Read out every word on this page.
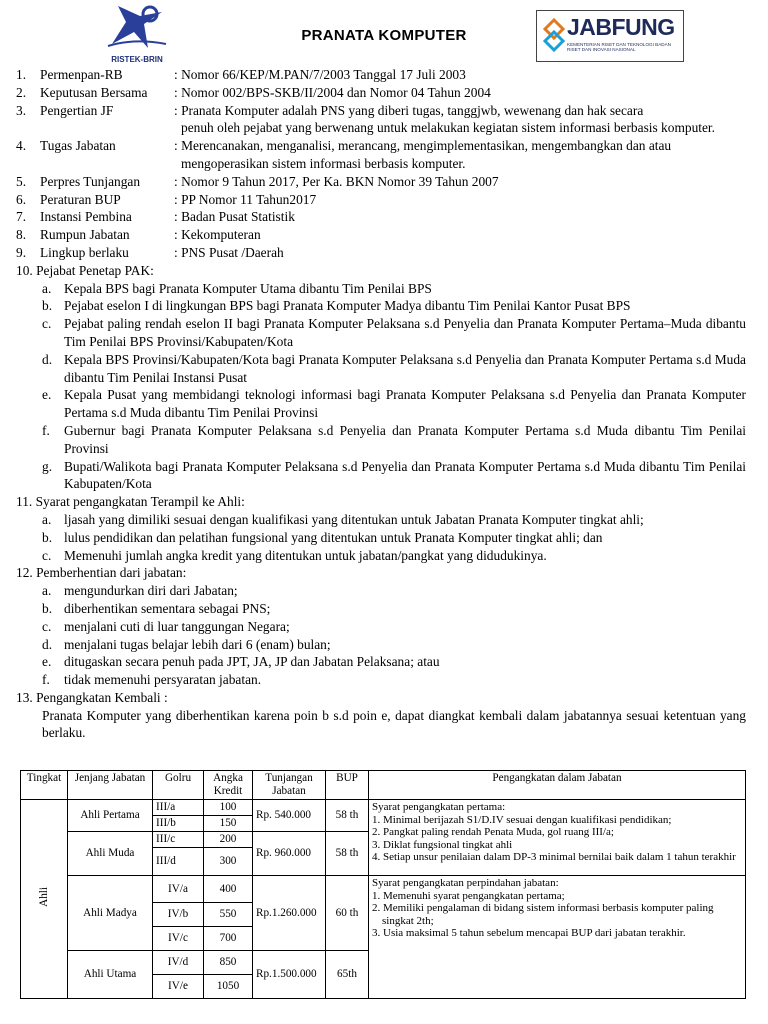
RISTEK-BRIN
PRANATA KOMPUTER	JABFUNG
KEMENTERIAN RISET DAN TEKNOLOGI BADAN RISET DAN INOVASI NASIONAL
1. Permenpan-RB	: Nomor 66/KEP/M.PAN/7/2003 Tanggal 17 Juli 2003
2. Keputusan Bersama : Nomor 002/BPS-SKB/II/2004 dan Nomor 04 Tahun 2004
3. Pengertian JF	: Pranata Komputer adalah PNS yang diberi tugas, tanggjwb, wewenang dan hak secara
penuh oleh pejabat yang berwenang untuk melakukan kegiatan sistem informasi berbasis komputer.
4. Tugas Jabatan	: Merencanakan, menganalisi, merancang, mengimplementasikan, mengembangkan dan atau
mengoperasikan sistem informasi berbasis komputer.
5. Perpres Tunjangan	: Nomor 9 Tahun 2017, Per Ka. BKN Nomor 39 Tahun 2007
6. Peraturan BUP	: PP Nomor 11 Tahun2017
7. Instansi Pembina	: Badan Pusat Statistik
8. Rumpun Jabatan	: Kekomputeran
9. Lingkup berlaku	: PNS Pusat /Daerah
10. Pejabat Penetap PAK:
a. Kepala BPS bagi Pranata Komputer Utama dibantu Tim Penilai BPS
b. Pejabat eselon I di lingkungan BPS bagi Pranata Komputer Madya dibantu Tim Penilai Kantor Pusat BPS
c. Pejabat paling rendah eselon II bagi Pranata Komputer Pelaksana s.d Penyelia dan Pranata Komputer Pertama–Muda dibantu Tim Penilai BPS Provinsi/Kabupaten/Kota
d. Kepala BPS Provinsi/Kabupaten/Kota bagi Pranata Komputer Pelaksana s.d Penyelia dan Pranata Komputer Pertama s.d Muda dibantu Tim Penilai Instansi Pusat
e. Kepala Pusat yang membidangi teknologi informasi bagi Pranata Komputer Pelaksana s.d Penyelia dan Pranata Komputer Pertama s.d Muda dibantu Tim Penilai Provinsi
f. Gubernur bagi Pranata Komputer Pelaksana s.d Penyelia dan Pranata Komputer Pertama s.d Muda dibantu Tim Penilai Provinsi
g. Bupati/Walikota bagi Pranata Komputer Pelaksana s.d Penyelia dan Pranata Komputer Pertama s.d Muda dibantu Tim Penilai Kabupaten/Kota
11. Syarat pengangkatan Terampil ke Ahli:
a. ljasah yang dimiliki sesuai dengan kualifikasi yang ditentukan untuk Jabatan Pranata Komputer tingkat ahli;
b. lulus pendidikan dan pelatihan fungsional yang ditentukan untuk Pranata Komputer tingkat ahli; dan
c. Memenuhi jumlah angka kredit yang ditentukan untuk jabatan/pangkat yang didudukinya.
12. Pemberhentian dari jabatan:
a. mengundurkan diri dari Jabatan;
b. diberhentikan sementara sebagai PNS;
c. menjalani cuti di luar tanggungan Negara;
d. menjalani tugas belajar lebih dari 6 (enam) bulan;
e. ditugaskan secara penuh pada JPT, JA, JP dan Jabatan Pelaksana; atau
f. tidak memenuhi persyaratan jabatan.
13. Pengangkatan Kembali :
Pranata Komputer yang diberhentikan karena poin b s.d poin e, dapat diangkat kembali dalam jabatannya sesuai ketentuan yang berlaku.
Tingkat	Jenjang Jabatan	Golru	Angka Kredit	Tunjangan Jabatan	BUP	Pengangkatan dalam Jabatan
Ahli	Ahli Pertama	III/a	100	Rp. 540.000	58 th	Syarat pengangkatan pertama:
1. Minimal berijazah S1/D.IV sesuai dengan kualifikasi pendidikan;
2. Pangkat paling rendah Penata Muda, gol ruang III/a;
3. Diklat fungsional tingkat ahli
4. Setiap unsur penilaian dalam DP-3 minimal bernilai baik dalam 1 tahun terakhir

		III/b	150			
	Ahli Muda	III/c	200	Rp. 960.000	58 th	
		III/d	300			
	Ahli Madya	IV/a	400	Rp.1.260.000	60 th	Syarat pengangkatan perpindahan jabatan:
1. Memenuhi syarat pengangkatan pertama;
2. Memiliki pengalaman di bidang sistem informasi berbasis komputer paling singkat 2th;
3. Usia maksimal 5 tahun sebelum mencapai BUP dari jabatan terakhir.

		IV/b	550			
		IV/c	700			
	Ahli Utama	IV/d	850	Rp.1.500.000	65th	
		IV/e	1050			
